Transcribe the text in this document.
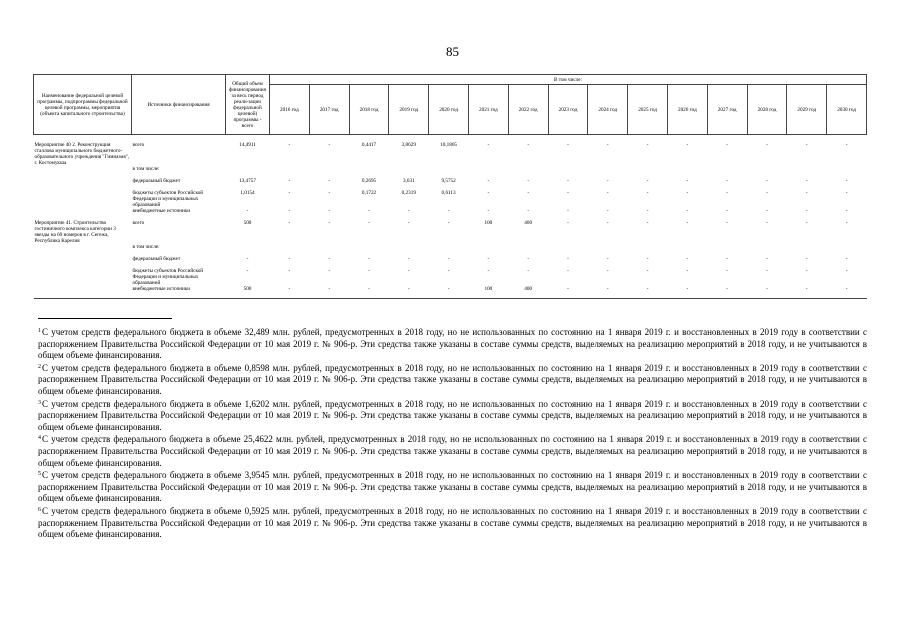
85
Наименование федеральной целевой программы, подпрограммы федеральной целевой программы, мероприятия (объекта капитального строительства)	Источники финансирования	Общий объем финансирования за весь период реали-зации федеральной целевой) программы - всего	В том числе:														
			2016 год	2017 год	2018 год	2019 год	2020 год	2021 год	2022 год	2023 год	2024 год	2025 год	2026 год	2027 год	2028 год	2029 год	2030 год
Мероприятие 40 2. Реконструкция сталлова муниципального бюджетного-образовательного учреждения "Гимназия", г. Костомукша	всего	14,4911	-	-	0,4417	3,8629	10,1865	-	-	-	-	-	-	-	-	-	-
	в том числе:																
	федеральный бюджет	13,4757	-	-	0,2695	3,631	9,5752	-	-	-	-	-	-	-	-	-	-
	бюджеты субъектов Российской Федерации и муниципальных образований	1,0154	-	-	0,1722	0,2319	0,6113	-	-	-	-	-	-	-	-	-	-
	внебюджетные источники	-	-	-	-	-	-	-	-	-	-	-	-	-	-	-	-
Мероприятие 41. Строительство гостиничного комплекса категории 3 звезды на 60 номеров в г. Сегежа, Республика Карелия	всего	500	-	-	-	-	-	100	400	-	-	-	-	-	-	-	-
	в том числе:																
	федеральный бюджет	-	-	-	-	-	-	-	-	-	-	-	-	-	-	-	-
	бюджеты субъектов Российской Федерации и муниципальных образований	-	-	-	-	-	-	-	-	-	-	-	-	-	-	-	-
	внебюджетные источники	500	-	-	-	-	-	100	400	-	-	-	-	-	-	-	-

$^1$С учетом средств федерального бюджета в объеме 32,489 млн. рублей, предусмотренных в 2018 году, но не использованных по состоянию на 1 января 2019 г. и восстановленных в 2019 году в соответствии с распоряжением Правительства Российской Федерации от 10 мая 2019 г. № 906-р. Эти средства также указаны в составе суммы средств, выделяемых на реализацию мероприятий в 2018 году, и не учитываются в общем объеме финансирования.

$^2$С учетом средств федерального бюджета в объеме 0,8598 млн. рублей, предусмотренных в 2018 году, но не использованных по состоянию на 1 января 2019 г. и восстановленных в 2019 году в соответствии с распоряжением Правительства Российской Федерации от 10 мая 2019 г. № 906-р. Эти средства также указаны в составе суммы средств, выделяемых на реализацию мероприятий в 2018 году, и не учитываются в общем объеме финансирования.

$^3$С учетом средств федерального бюджета в объеме 1,6202 млн. рублей, предусмотренных в 2018 году, но не использованных по состоянию на 1 января 2019 г. и восстановленных в 2019 году в соответствии с распоряжением Правительства Российской Федерации от 10 мая 2019 г. № 906-р. Эти средства также указаны в составе суммы средств, выделяемых на реализацию мероприятий в 2018 году, и не учитываются в общем объеме финансирования.

$^4$С учетом средств федерального бюджета в объеме 25,4622 млн. рублей, предусмотренных в 2018 году, но не использованных по состоянию на 1 января 2019 г. и восстановленных в 2019 году в соответствии с распоряжением Правительства Российской Федерации от 10 мая 2019 г. № 906-р. Эти средства также указаны в составе суммы средств, выделяемых на реализацию мероприятий в 2018 году, и не учитываются в общем объеме финансирования.

$^5$С учетом средств федерального бюджета в объеме 3,9545 млн. рублей, предусмотренных в 2018 году, но не использованных по состоянию на 1 января 2019 г. и восстановленных в 2019 году в соответствии с распоряжением Правительства Российской Федерации от 10 мая 2019 г. № 906-р. Эти средства также указаны в составе суммы средств, выделяемых на реализацию мероприятий в 2018 году, и не учитываются в общем объеме финансирования.

$^6$С учетом средств федерального бюджета в объеме 0,5925 млн. рублей, предусмотренных в 2018 году, но не использованных по состоянию на 1 января 2019 г. и восстановленных в 2019 году в соответствии с распоряжением Правительства Российской Федерации от 10 мая 2019 г. № 906-р. Эти средства также указаны в составе суммы средств, выделяемых на реализацию мероприятий в 2018 году, и не учитываются в общем объеме финансирования.
